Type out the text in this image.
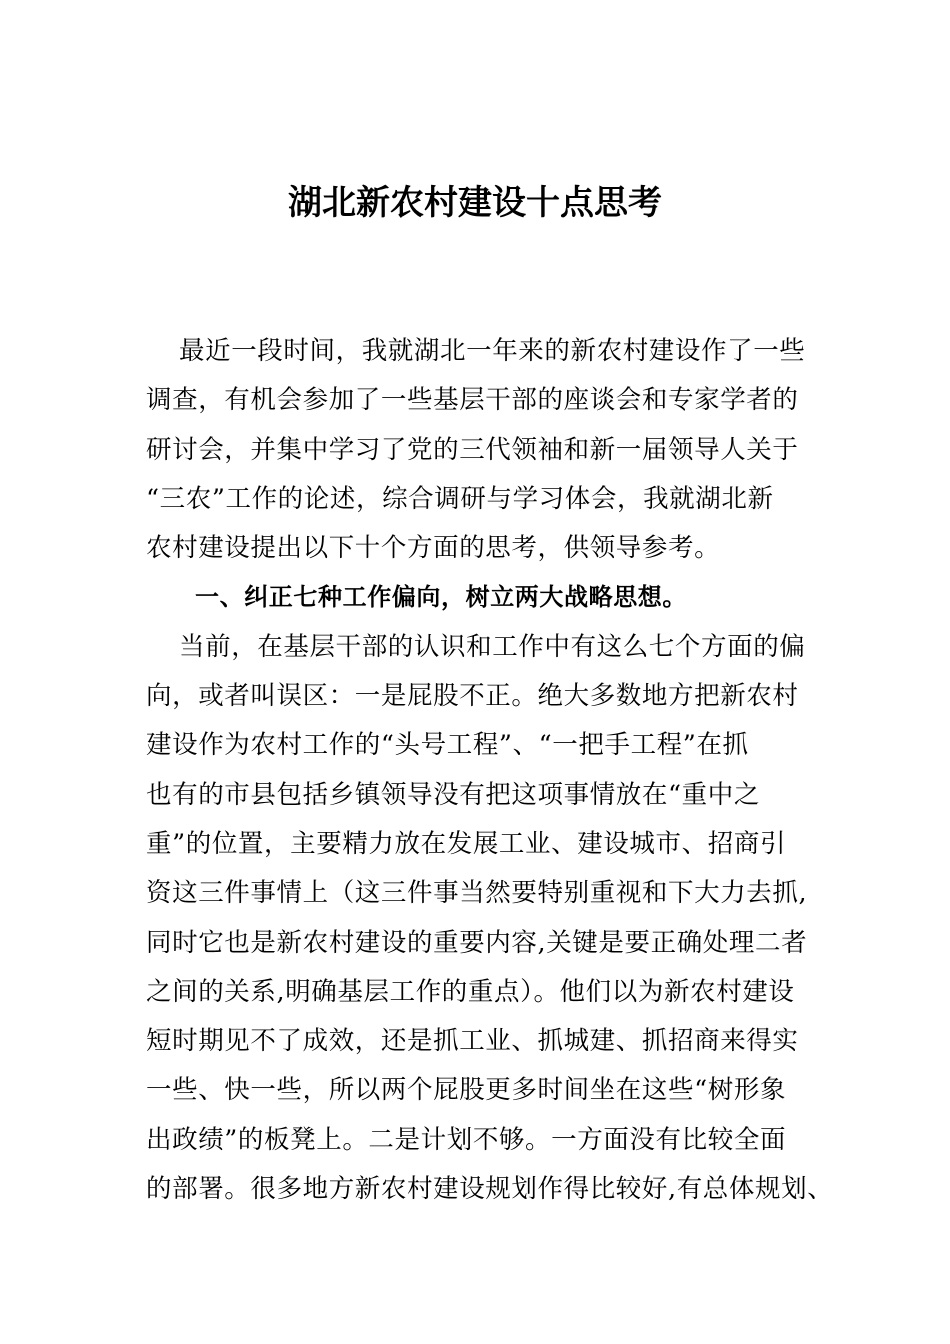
湖北新农村建设十点思考
最近一段时间，我就湖北一年来的新农村建设作了一些
调查，有机会参加了一些基层干部的座谈会和专家学者的
研讨会，并集中学习了党的三代领袖和新一届领导人关于
“三农”工作的论述，综合调研与学习体会，我就湖北新
农村建设提出以下十个方面的思考，供领导参考。
一、纠正七种工作偏向，树立两大战略思想。
当前，在基层干部的认识和工作中有这么七个方面的偏
向，或者叫误区：一是屁股不正。绝大多数地方把新农村
建设作为农村工作的“头号工程”、“一把手工程”在抓
也有的市县包括乡镇领导没有把这项事情放在“重中之
重”的位置，主要精力放在发展工业、建设城市、招商引
资这三件事情上（这三件事当然要特别重视和下大力去抓,
同时它也是新农村建设的重要内容,关键是要正确处理二者
之间的关系,明确基层工作的重点）。他们以为新农村建设
短时期见不了成效，还是抓工业、抓城建、抓招商来得实
一些、快一些，所以两个屁股更多时间坐在这些“树形象
出政绩”的板凳上。二是计划不够。一方面没有比较全面
的部署。很多地方新农村建设规划作得比较好,有总体规划、
